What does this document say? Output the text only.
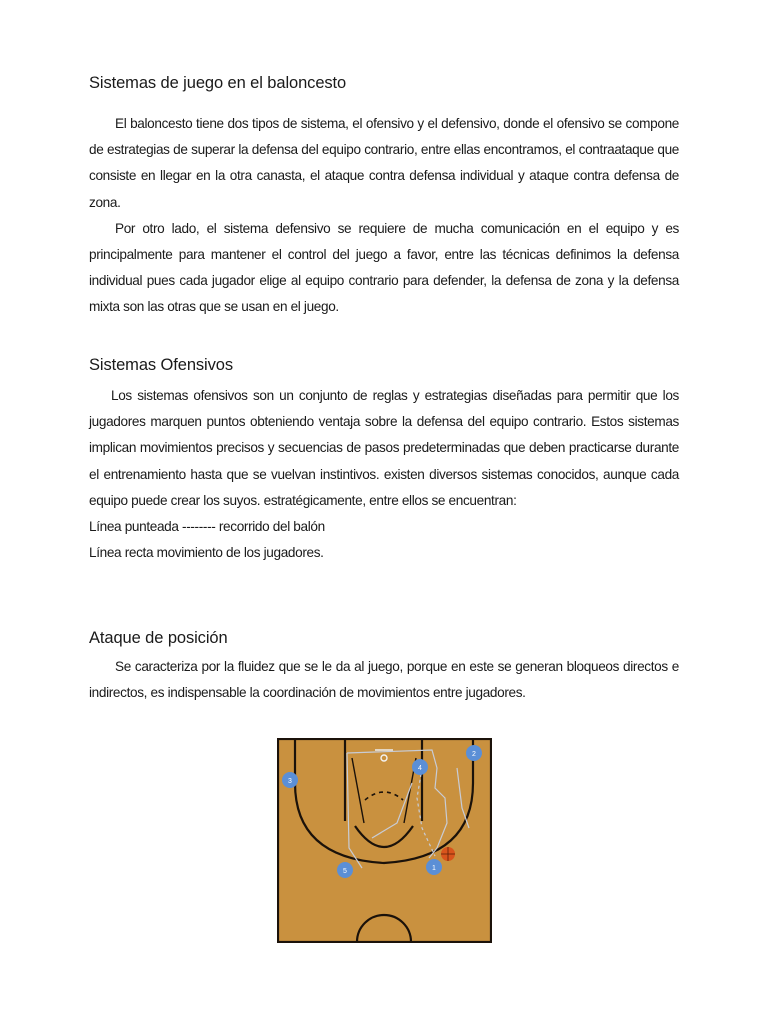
Sistemas de juego en el baloncesto

El baloncesto tiene dos tipos de sistema, el ofensivo y el defensivo, donde el ofensivo se compone de estrategias de superar la defensa del equipo contrario, entre ellas encontramos, el contraataque que consiste en llegar en la otra canasta, el ataque contra defensa individual y ataque contra defensa de zona.

Por otro lado, el sistema defensivo se requiere de mucha comunicación en el equipo y es principalmente para mantener el control del juego a favor, entre las técnicas definimos la defensa individual pues cada jugador elige al equipo contrario para defender, la defensa de zona y la defensa mixta son las otras que se usan en el juego.

Sistemas Ofensivos

Los sistemas ofensivos son un conjunto de reglas y estrategias diseñadas para permitir que los jugadores marquen puntos obteniendo ventaja sobre la defensa del equipo contrario. Estos sistemas implican movimientos precisos y secuencias de pasos predeterminadas que deben practicarse durante el entrenamiento hasta que se vuelvan instintivos. existen diversos sistemas conocidos, aunque cada equipo puede crear los suyos. estratégicamente, entre ellos se encuentran:

Línea punteada -------- recorrido del balón

Línea recta movimiento de los jugadores.

Ataque de posición

Se caracteriza por la fluidez que se le da al juego, porque en este se generan bloqueos directos e indirectos, es indispensable la coordinación de movimientos entre jugadores.

3
4
2
5	1
